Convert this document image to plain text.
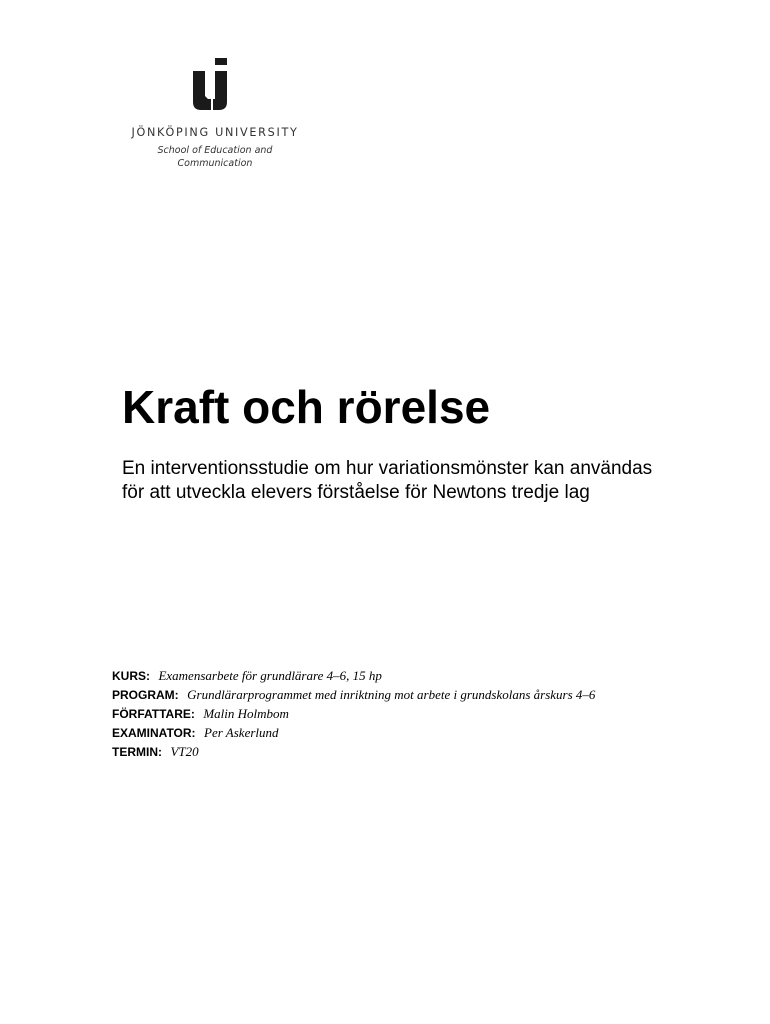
JÖNKÖPING UNIVERSITY
School of Education and
Communication
Kraft och rörelse

En interventionsstudie om hur variationsmönster kan användas för att utveckla elevers förståelse för Newtons tredje lag

KURS: Examensarbete för grundlärare 4–6, 15 hp
PROGRAM: Grundlärarprogrammet med inriktning mot arbete i grundskolans årskurs 4–6
FÖRFATTARE: Malin Holmbom
EXAMINATOR: Per Askerlund
TERMIN: VT20
